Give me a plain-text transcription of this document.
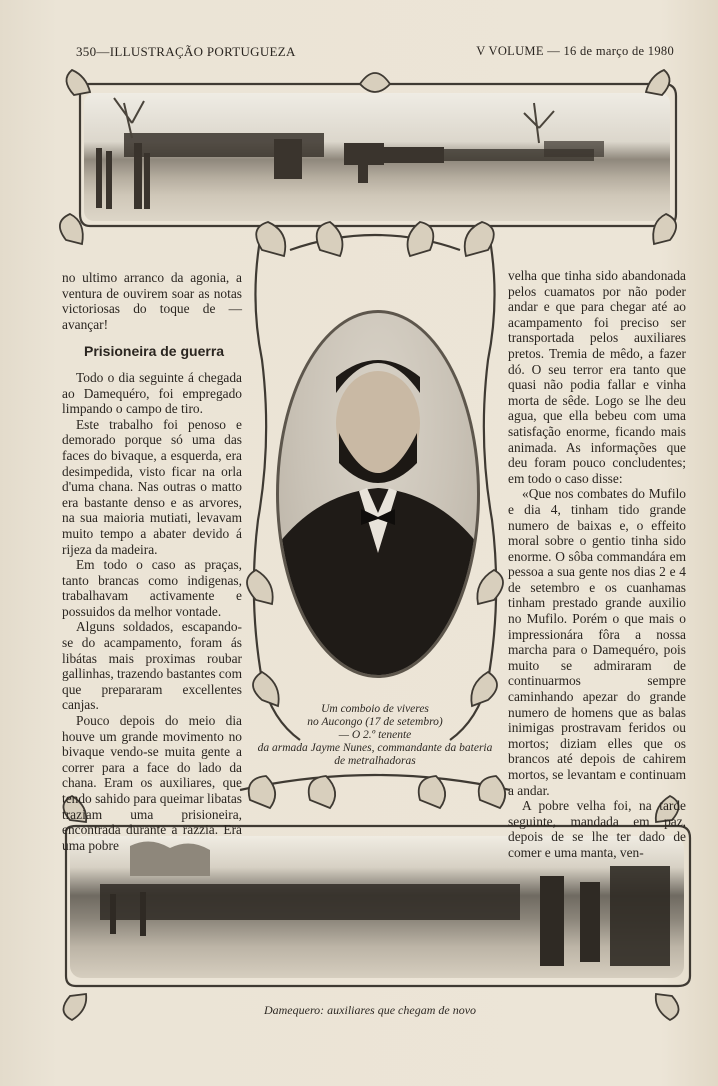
350—ILLUSTRAÇÃO PORTUGUEZA	V VOLUME — 16 de março de 1980

no ultimo arranco da agonia, a ventura de ouvirem soar as notas victoriosas do toque de —avançar!

Prisioneira de guerra

Todo o dia seguinte á chegada ao Damequéro, foi empregado limpando o campo de tiro.

Este trabalho foi penoso e demorado porque só uma das faces do bivaque, a esquerda, era desimpedida, visto ficar na orla d'uma chana. Nas outras o matto era bastante denso e as arvores, na sua maioria mutiati, levavam muito tempo a abater devido á rijeza da madeira.

Em todo o caso as praças, tanto brancas como indigenas, trabalhavam activamente e possuidos da melhor vontade.

Alguns soldados, escapando-se do acampamento, foram ás libátas mais proximas roubar gallinhas, trazendo bastantes com que prepararam excellentes canjas.

Pouco depois do meio dia houve um grande movimento no bivaque vendo-se muita gente a correr para a face do lado da chana. Eram os auxiliares, que tendo sahido para queimar libatas traziam uma prisioneira, encontrada durante a razzia. Era uma pobre

velha que tinha sido abandonada pelos cuamatos por não poder andar e que para chegar até ao acampamento foi preciso ser transportada pelos auxiliares pretos. Tremia de mêdo, a fazer dó. O seu terror era tanto que quasi não podia fallar e vinha morta de sêde. Logo se lhe deu agua, que ella bebeu com uma satisfação enorme, ficando mais animada. As informações que deu foram pouco concludentes; em todo o caso disse:

«Que nos combates do Mufilo e dia 4, tinham tido grande numero de baixas e, o effeito moral sobre o gentio tinha sido enorme. O sôba commandára em pessoa a sua gente nos dias 2 e 4 de setembro e os cuanhamas tinham prestado grande auxilio no Mufilo. Porém o que mais o impressionára fôra a nossa marcha para o Damequéro, pois muito se admiraram de continuarmos sempre caminhando apezar do grande numero de homens que as balas inimigas prostravam feridos ou mortos; diziam elles que os brancos até depois de cahirem mortos, se levantam e continuam a andar.

A pobre velha foi, na tarde seguinte, mandada em paz, depois de se lhe ter dado de comer e uma manta, ven-

Um comboio de viveres
no Aucongo (17 de setembro)
— O 2.º tenente
da armada Jayme Nunes, commandante da bateria
de metralhadoras
Damequero: auxiliares que chegam de novo
